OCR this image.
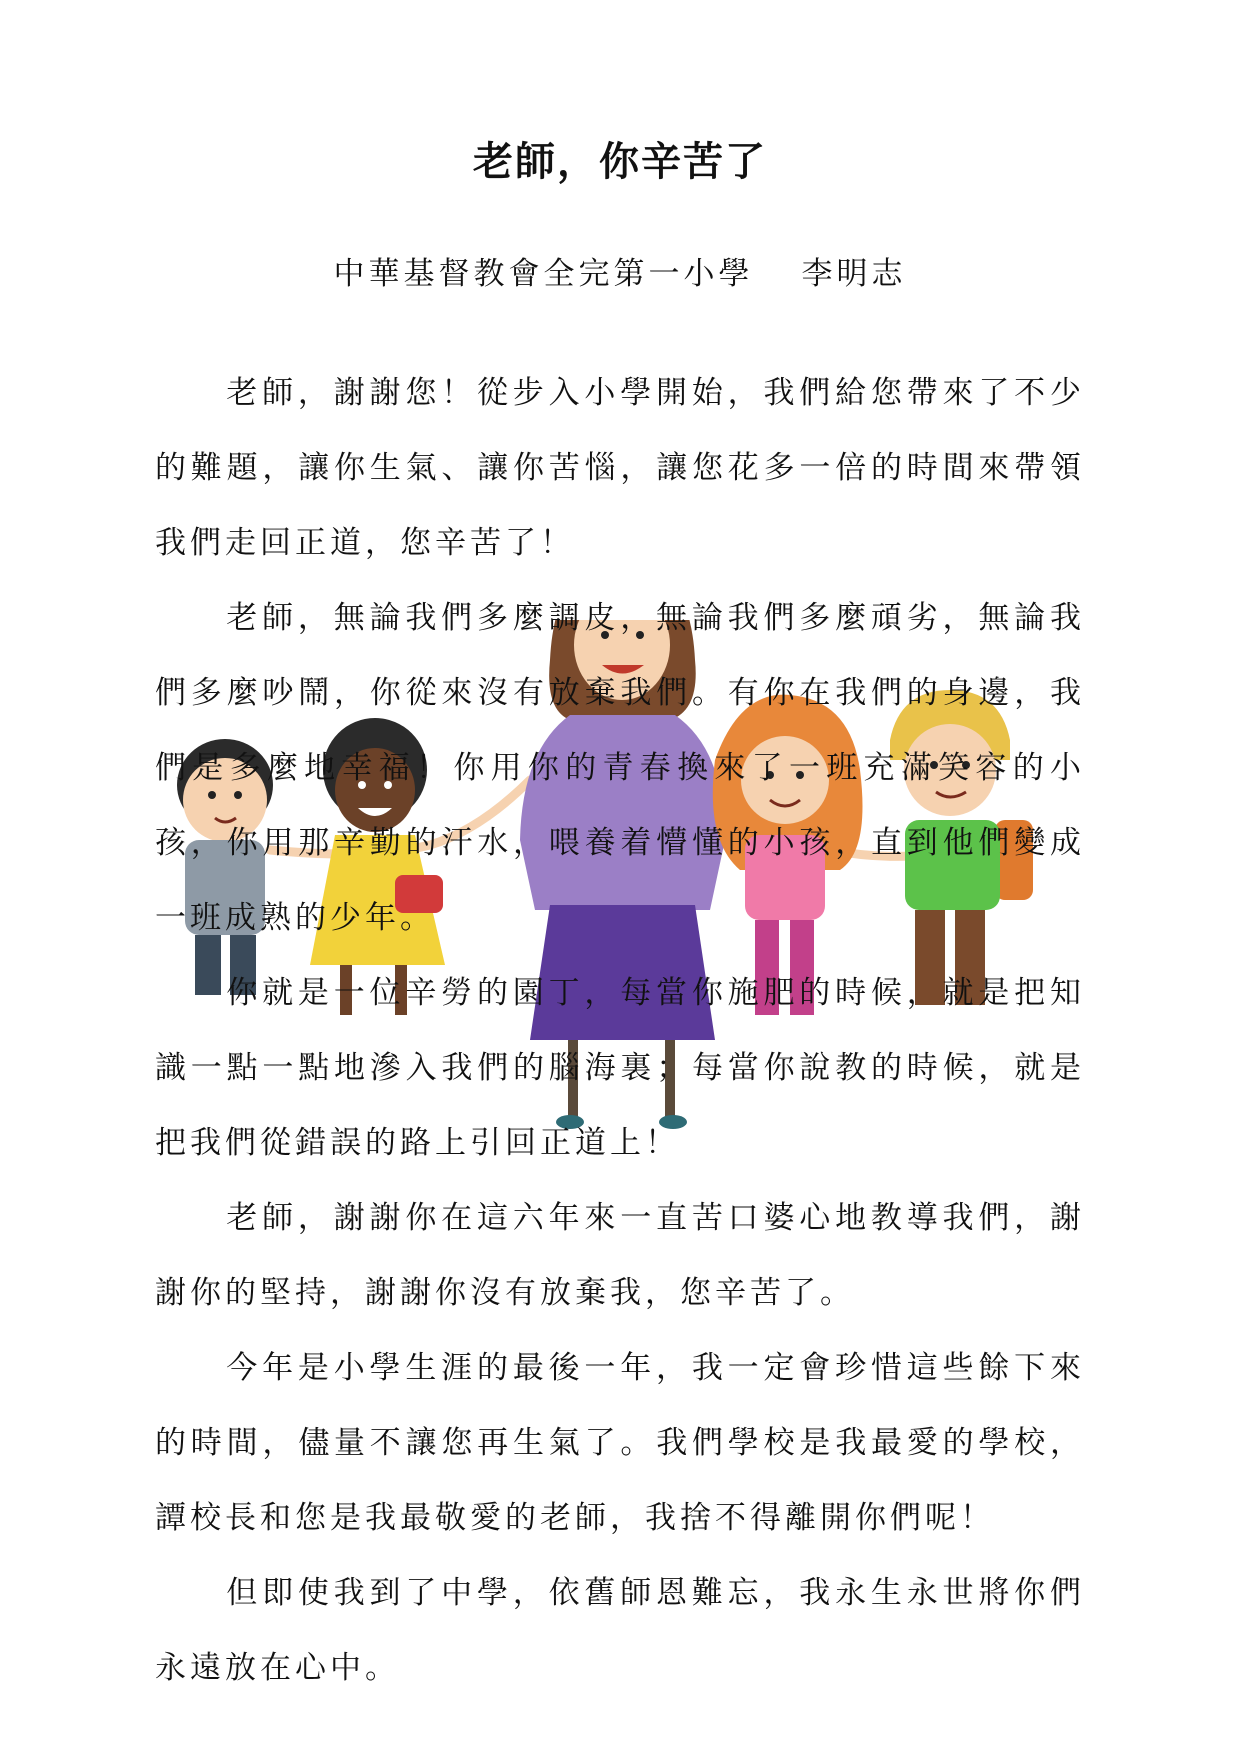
老師，你辛苦了
中華基督教會全完第一小學 李明志

老師，謝謝您！從步入小學開始，我們給您帶來了不少的難題，讓你生氣、讓你苦惱，讓您花多一倍的時間來帶領我們走回正道，您辛苦了！

老師，無論我們多麼調皮，無論我們多麼頑劣，無論我們多麼吵鬧，你從來沒有放棄我們。有你在我們的身邊，我們是多麼地幸福！你用你的青春換來了一班充滿笑容的小孩，你用那辛勤的汗水，喂養着懵懂的小孩，直到他們變成一班成熟的少年。

你就是一位辛勞的園丁，每當你施肥的時候，就是把知識一點一點地滲入我們的腦海裏；每當你說教的時候，就是把我們從錯誤的路上引回正道上！

老師，謝謝你在這六年來一直苦口婆心地教導我們，謝謝你的堅持，謝謝你沒有放棄我，您辛苦了。

今年是小學生涯的最後一年，我一定會珍惜這些餘下來的時間，儘量不讓您再生氣了。我們學校是我最愛的學校，譚校長和您是我最敬愛的老師，我捨不得離開你們呢！

但即使我到了中學，依舊師恩難忘，我永生永世將你們永遠放在心中。
